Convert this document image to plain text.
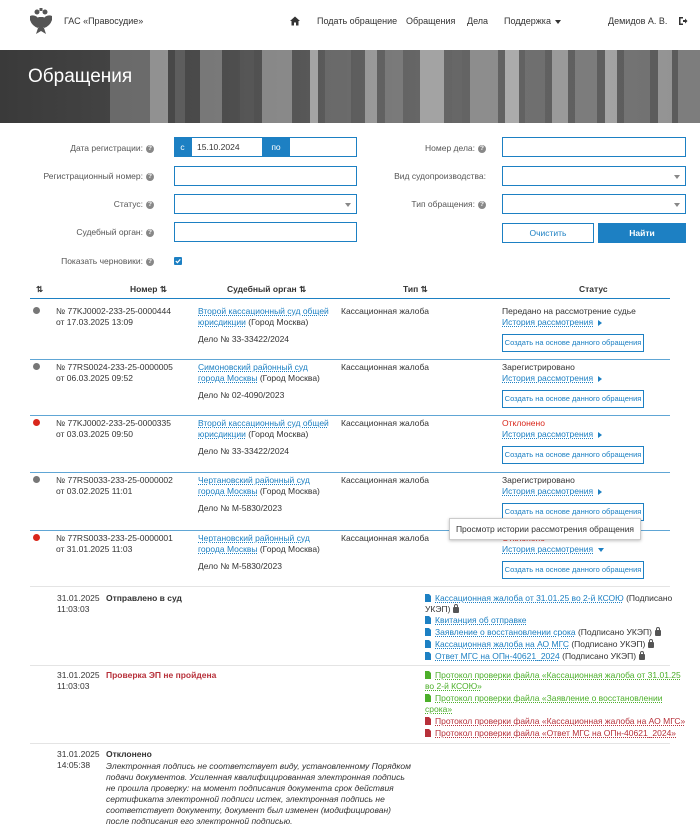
ГАС «Правосудие»	Подать обращение Обращения Дела Поддержка	Демидов А. В.
Обращения
Дата регистрации: ?	с
15.10.2024	по
Регистрационный номер: ?
Статус: ?
Судебный орган: ?
Показать черновики: ?
Номер дела: ?
Вид судопроизводства:
Тип обращения: ?
Очистить	Найти
⇅	Номер ⇅	Судебный орган ⇅	Тип ⇅	Статус
№ 77KJ0002-233-25-0000444
от 17.03.2025 13:09
Второй кассационный суд общей юрисдикции (Город Москва)
Дело № 33-33422/2024
Кассационная жалоба	Передано на рассмотрение судье
История рассмотрения
Создать на основе данного обращения
№ 77RS0024-233-25-0000005
от 06.03.2025 09:52
Симоновский районный суд города Москвы (Город Москва)
Дело № 02-4090/2023
Кассационная жалоба	Зарегистрировано
История рассмотрения
Создать на основе данного обращения
№ 77KJ0002-233-25-0000335
от 03.03.2025 09:50
Второй кассационный суд общей юрисдикции (Город Москва)
Дело № 33-33422/2024
Кассационная жалоба	Отклонено
История рассмотрения
Создать на основе данного обращения
№ 77RS0033-233-25-0000002
от 03.02.2025 11:01
Чертановский районный суд города Москвы (Город Москва)
Дело № М-5830/2023
Кассационная жалоба	Зарегистрировано
История рассмотрения
Создать на основе данного обращения
№ 77RS0033-233-25-0000001
от 31.01.2025 11:03
Чертановский районный суд города Москвы (Город Москва)
Дело № М-5830/2023
Кассационная жалоба
История рассмотрения
Создать на основе данного обращения
Просмотр истории рассмотрения обращения
31.01.2025
11:03:03
Отправлено в суд	Кассационная жалоба от 31.01.25 во 2-й КСОЮ (Подписано
УКЭП)
Квитанция об отправке
Заявление о восстановлении срока (Подписано УКЭП)
Кассационная жалоба на АО МГС (Подписано УКЭП)
Ответ МГС на ОПн-40621_2024 (Подписано УКЭП)
31.01.2025
11:03:03
Проверка ЭП не пройдена	Протокол проверки файла «Кассационная жалоба от 31.01.25
во 2-й КСОЮ»
Протокол проверки файла «Заявление о восстановлении
срока»
Протокол проверки файла «Кассационная жалоба на АО МГС»
Протокол проверки файла «Ответ МГС на ОПн-40621_2024»
31.01.2025
14:05:38
Отклонено
Электронная подпись не соответствует виду, установленному Порядком подачи документов. Усиленная квалифицированная электронная подпись не прошла проверку: на момент подписания документа срок действия сертификата электронной подписи истек, электронная подпись не соответствует документу, документ был изменен (модифицирован) после подписания его электронной подписью.
